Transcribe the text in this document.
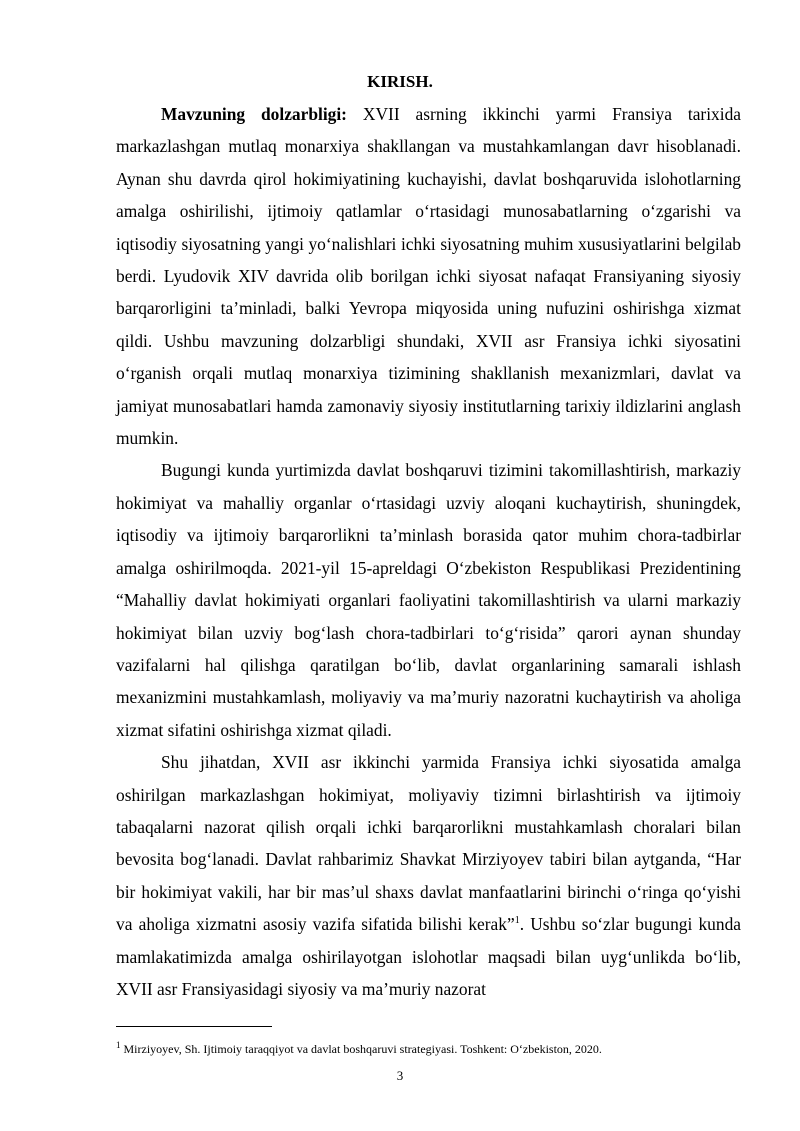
KIRISH.

Mavzuning dolzarbligi: XVII asrning ikkinchi yarmi Fransiya tarixida markazlashgan mutlaq monarxiya shakllangan va mustahkamlangan davr hisoblanadi. Aynan shu davrda qirol hokimiyatining kuchayishi, davlat boshqaruvida islohotlarning amalga oshirilishi, ijtimoiy qatlamlar o‘rtasidagi munosabatlarning o‘zgarishi va iqtisodiy siyosatning yangi yo‘nalishlari ichki siyosatning muhim xususiyatlarini belgilab berdi. Lyudovik XIV davrida olib borilgan ichki siyosat nafaqat Fransiyaning siyosiy barqarorligini ta’minladi, balki Yevropa miqyosida uning nufuzini oshirishga xizmat qildi. Ushbu mavzuning dolzarbligi shundaki, XVII asr Fransiya ichki siyosatini o‘rganish orqali mutlaq monarxiya tizimining shakllanish mexanizmlari, davlat va jamiyat munosabatlari hamda zamonaviy siyosiy institutlarning tarixiy ildizlarini anglash mumkin.

Bugungi kunda yurtimizda davlat boshqaruvi tizimini takomillashtirish, markaziy hokimiyat va mahalliy organlar o‘rtasidagi uzviy aloqani kuchaytirish, shuningdek, iqtisodiy va ijtimoiy barqarorlikni ta’minlash borasida qator muhim chora-tadbirlar amalga oshirilmoqda. 2021-yil 15-apreldagi O‘zbekiston Respublikasi Prezidentining “Mahalliy davlat hokimiyati organlari faoliyatini takomillashtirish va ularni markaziy hokimiyat bilan uzviy bog‘lash chora-tadbirlari to‘g‘risida” qarori aynan shunday vazifalarni hal qilishga qaratilgan bo‘lib, davlat organlarining samarali ishlash mexanizmini mustahkamlash, moliyaviy va ma’muriy nazoratni kuchaytirish va aholiga xizmat sifatini oshirishga xizmat qiladi.

Shu jihatdan, XVII asr ikkinchi yarmida Fransiya ichki siyosatida amalga oshirilgan markazlashgan hokimiyat, moliyaviy tizimni birlashtirish va ijtimoiy tabaqalarni nazorat qilish orqali ichki barqarorlikni mustahkamlash choralari bilan bevosita bog‘lanadi. Davlat rahbarimiz Shavkat Mirziyoyev tabiri bilan aytganda, “Har bir hokimiyat vakili, har bir mas’ul shaxs davlat manfaatlarini birinchi o‘ringa qo‘yishi va aholiga xizmatni asosiy vazifa sifatida bilishi kerak”$^1$. Ushbu so‘zlar bugungi kunda mamlakatimizda amalga oshirilayotgan islohotlar maqsadi bilan uyg‘unlikda bo‘lib, XVII asr Fransiyasidagi siyosiy va ma’muriy nazorat

$^1$ Mirziyoyev, Sh. Ijtimoiy taraqqiyot va davlat boshqaruvi strategiyasi. Toshkent: O‘zbekiston, 2020.
3
